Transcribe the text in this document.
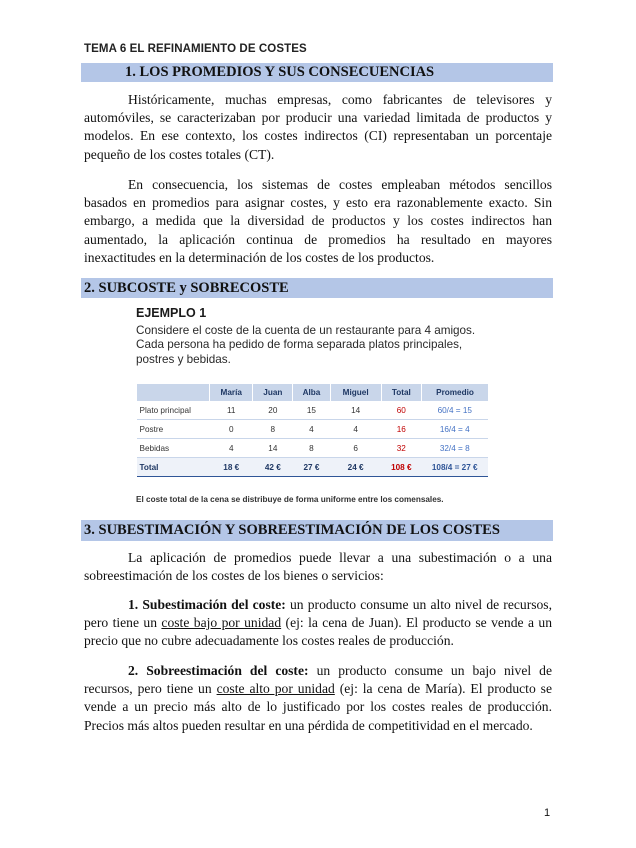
TEMA 6 EL REFINAMIENTO DE COSTES
1. LOS PROMEDIOS Y SUS CONSECUENCIAS

Históricamente, muchas empresas, como fabricantes de televisores y automóviles, se caracterizaban por producir una variedad limitada de productos y modelos. En ese contexto, los costes indirectos (CI) representaban un porcentaje pequeño de los costes totales (CT).

En consecuencia, los sistemas de costes empleaban métodos sencillos basados en promedios para asignar costes, y esto era razonablemente exacto. Sin embargo, a medida que la diversidad de productos y los costes indirectos han aumentado, la aplicación continua de promedios ha resultado en mayores inexactitudes en la determinación de los costes de los productos.

2. SUBCOSTE y SOBRECOSTE
EJEMPLO 1
Considere el coste de la cuenta de un restaurante para 4 amigos. Cada persona ha pedido de forma separada platos principales, postres y bebidas.
	María	Juan	Alba	Miguel	Total	Promedio
Plato principal	11	20	15	14	60	60/4 = 15
Postre	0	8	4	4	16	16/4 = 4
Bebidas	4	14	8	6	32	32/4 = 8
Total	18 €	42 €	27 €	24 €	108 €	108/4 = 27 €
El coste total de la cena se distribuye de forma uniforme entre los comensales.
3. SUBESTIMACIÓN Y SOBREESTIMACIÓN DE LOS COSTES

La aplicación de promedios puede llevar a una subestimación o a una sobreestimación de los costes de los bienes o servicios:

1. Subestimación del coste: un producto consume un alto nivel de recursos, pero tiene un coste bajo por unidad (ej: la cena de Juan). El producto se vende a un precio que no cubre adecuadamente los costes reales de producción.

2. Sobreestimación del coste: un producto consume un bajo nivel de recursos, pero tiene un coste alto por unidad (ej: la cena de María). El producto se vende a un precio más alto de lo justificado por los costes reales de producción. Precios más altos pueden resultar en una pérdida de competitividad en el mercado.

1
